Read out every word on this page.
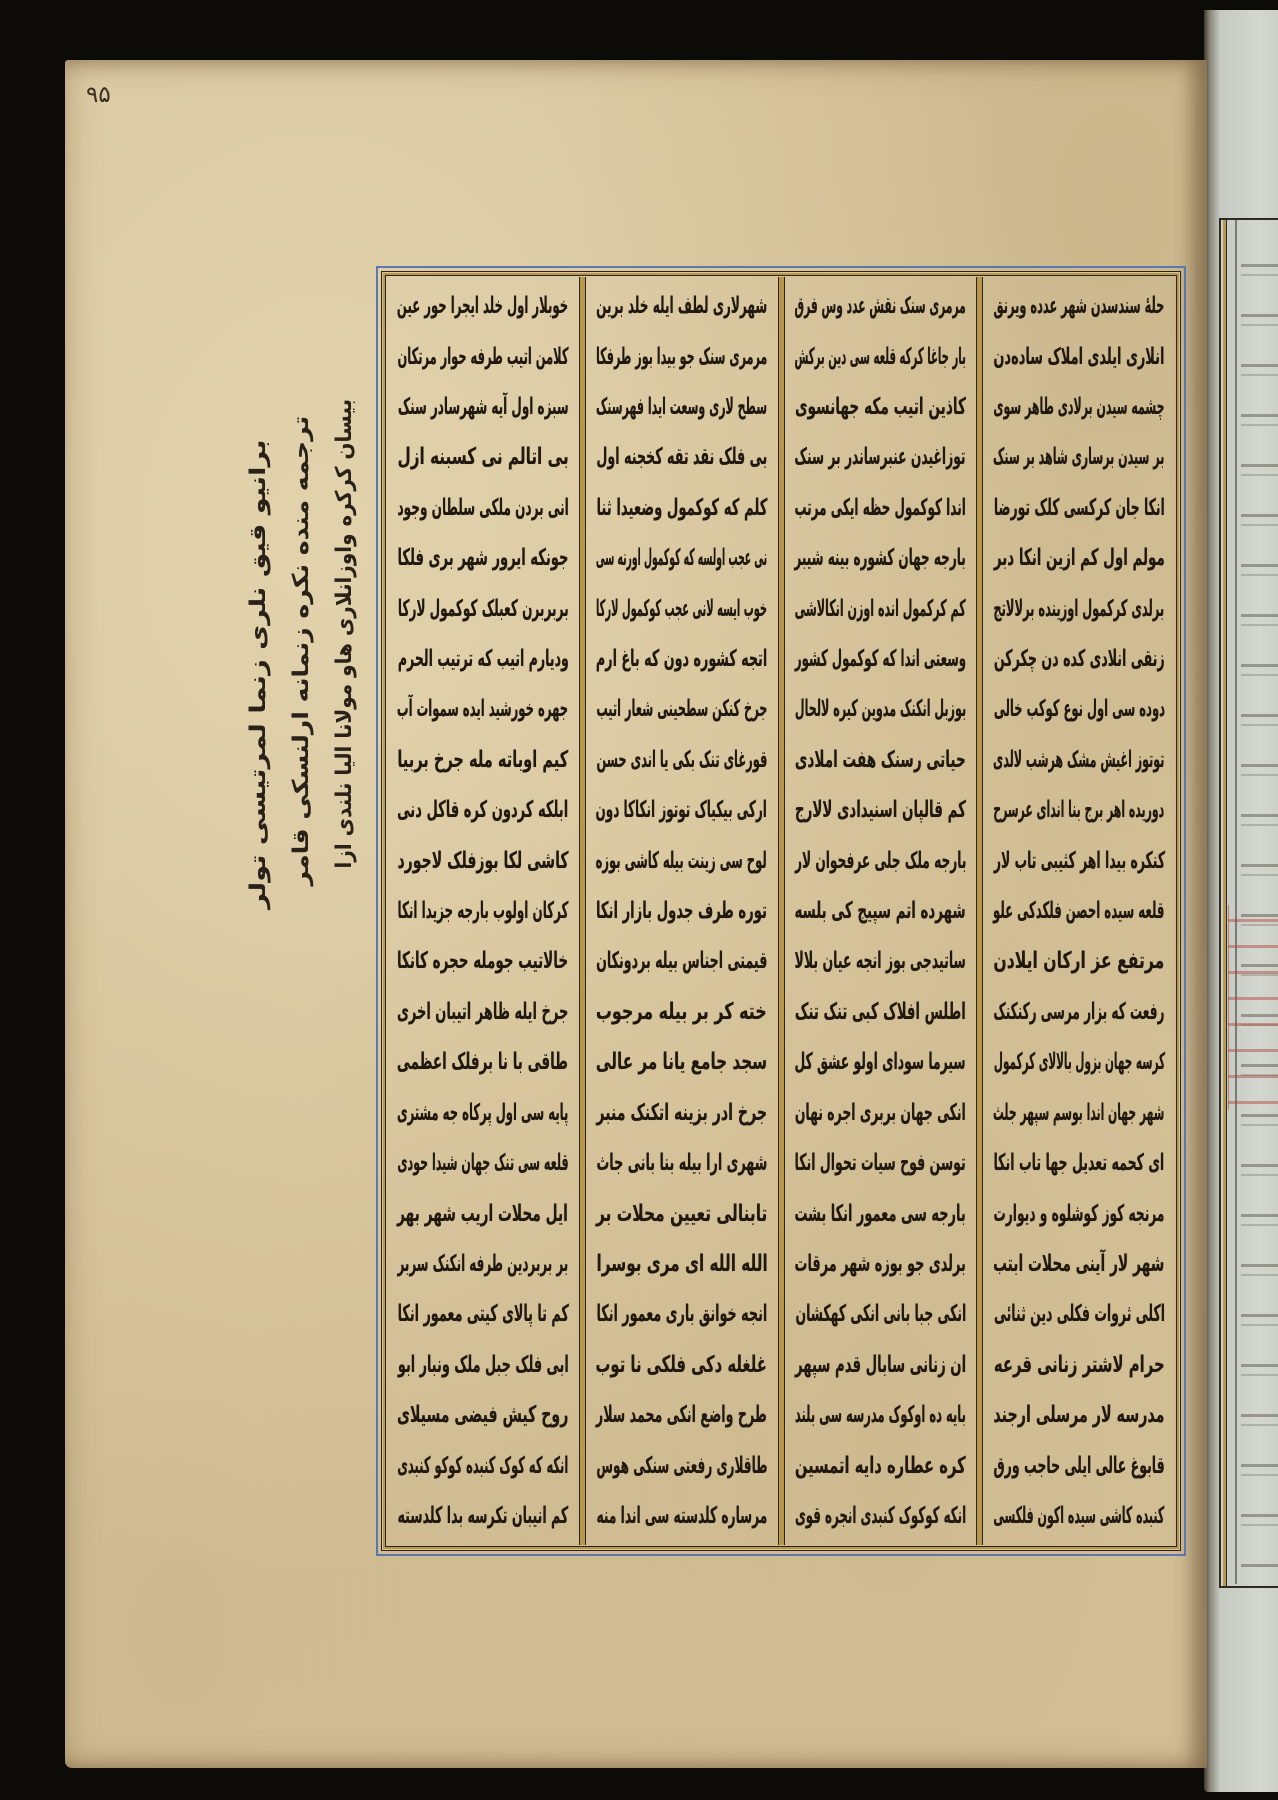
۹۵
بیسان کرکره واوزانلاری هاو مولانا الیا نلندی ازا
ترجمه منده نکره زنمانه ارلنسکی قامر
برانیو قیق نلری زنما لمرتیسی تولر

حلهٔ سندسدن شهر عدده ویرنق

انلاری ایلدی املاک ساده‌دن

چشمه سیدن برلادی طاهر سوی

بر سیدن برساری شاهد بر سنک

انکا جان کرکسی کلک تورضا

مولم اول کم ازین انکا دبر

برلدی کرکمول اوزینده برلالاتج

زنقی انلادی کده دن چکرکن

دوده سی اول نوع کوکب خالی

توتوز اغیش مشک هرشب لالدی

دوریده اهر برج بنا اندای عرسرح

کنکره بیدا اهر کثیبی تاب لار

قلعه سیده احصن فلکدکی علو

مرتفع عز ارکان ایلادن

رفعت که بزار مرسی رکنکنک

کرسه جهان بزول بالالای کرکمول

شهر جهان اندا بوسم سپهر جلث

ای کحمه تعدیل جها تاب انکا

مرنجه کوز کوشلوه و دیوارت

شهر لار آینی محلات ابتب

اکلی ثروات فکلی دین ثنائی

حرام لاشتر زنانی قرعه

مدرسه لار مرسلی ارجند

قابوغ عالی ایلی حاجب ورق

کنبده کاشی سیده اکون فلکسی

مرمری سنک نقش عدد وس فرق

بار جاغا کرکه قلعه سی دین برکش

کاذین اتیب مکه جهانسوی

توزاغیدن عنبرساندر بر سنک

اندا کوکمول حظه ایکی مرتب

بارجه جهان کشوره بینه شیبر

کم کرکمول انده اوزن انکالاشی

وسعتی اندا که کوکمول کشور

بوزبل انکنک مدوین کیره لالحال

حیاتی رسنک هفت املادی

کم قالپان اسنیدادی لالارج

بارجه ملک جلی عرفحوان لار

شهرده اتم سپیج کی بلسه

ساتیدجی بوز انجه عیان بلالا

اطلس افلاک کبی تنک تنک

سیرما سودای اولو عشق کل

انکی جهان بربری اجره نهان

توسن فوح سیات تحوال انکا

بارجه سی معمور انکا بشت

برلدی جو بوزه شهر مرقات

انکی جبا بانی انکی کهکشان

ان زنانی سابال قدم سپهر

بایه ده اوکوک مدرسه سی بلند

کره عطاره دایه اتمسین

انکه کوکوک کنبدی انجره قوی

شهرلاری لطف ایله خلد برین

مرمری سنک جو بیدا بوز طرفکا

سطح لاری وسعت ایدا فهرسنک

بی فلک نقد تقه کخجنه اول

کلم که کوکمول وضعیدا ثنا

نی عجب اولسه که کوکمول اورنه سی

خوب ایسه لانی عجب کوکمول لارکا

اتجه کشوره دون که باغ ارم

جرخ کنکن سطحینی شعار اتیب

قورغای تنک بکی یا اندی حسن

ارکی بیکیاک توتوز انکاکا دون

لوح سی زینت بیله کاشی بوزه

توره طرف جدول بازار انکا

قیمتی اجناس بیله بردونکان

خته کر بر بیله مرجوب

سجد جامع یانا مر عالی

جرخ ادر بزینه اتکنک منبر

شهری ارا بیله بنا بانی جاث

تابنالی تعیین محلات بر

الله الله ای مری بوسرا

انجه خوانق باری معمور انکا

غلغله دکی فلکی نا توب

طرح واضع انکی محمد سلار

طاقلاری رفعتی سنکی هوس

مرساره کلدسته سی اندا منه

خوبلار اول خلد ایجرا حور عین

کلامن اتیب طرفه حوار مرتکان

سبزه اول آیه شهرسادر سنک

بی اتالم نی کسبنه ازل

انی بردن ملکی سلطان وجود

جونکه ایرور شهر بری فلکا

بربربرن کعبلک کوکمول لارکا

ودیارم اتیب که ترتیب الحرم

جهره خورشید ایده سموات آب

کیم اوباته مله جرخ بربیا

ابلکه کردون کره قاکل دنی

کاشی لکا بوزفلک لاجورد

کرکان اولوب بارجه جزیدا انکا

خالاتیب جومله حجره کانکا

جرخ ایله ظاهر اتیبان اخری

طاقی با نا برفلک اعظمی

پایه سی اول پرکاه جه مشتری

قلعه سی تنک جهان شیدا حودی

ایل محلات اریب شهر بهر

بر بربردین طرفه انکنک سربر

کم تا پالای کیتی معمور انکا

ابی فلک جبل ملک ونبار ابو

روح کیش فیضی مسیلای

انکه که کوک کنبده کوکو کنبدی

کم انیبان تکرسه بدا کلدسته
